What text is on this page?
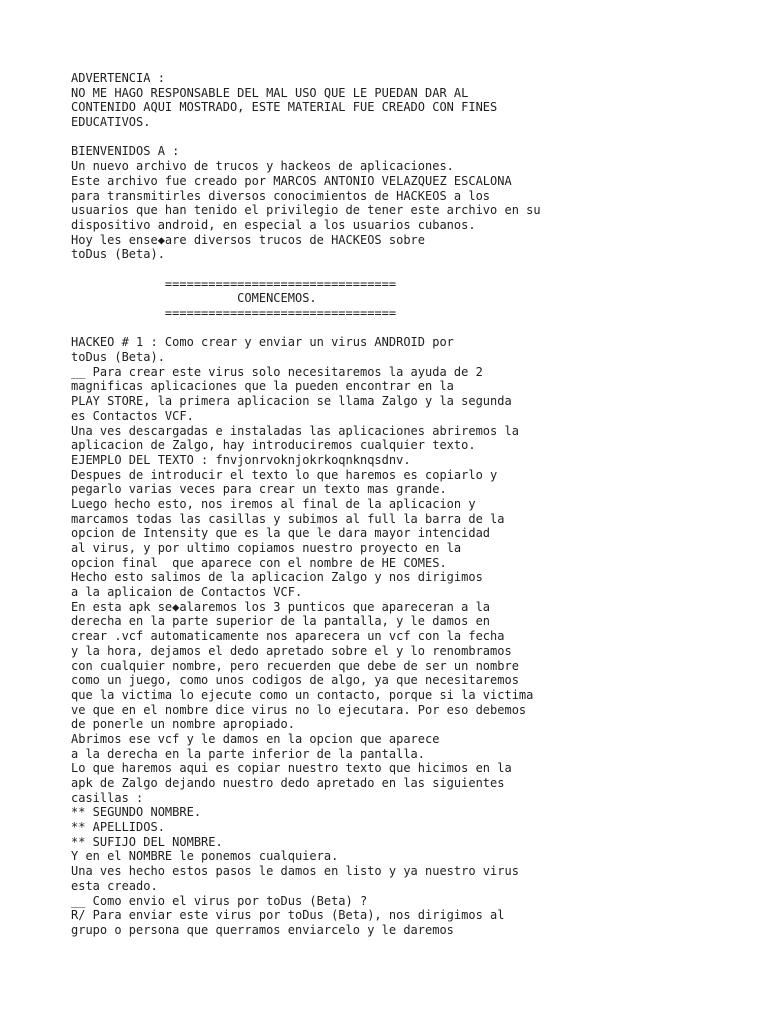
ADVERTENCIA :
NO ME HAGO RESPONSABLE DEL MAL USO QUE LE PUEDAN DAR AL
CONTENIDO AQUI MOSTRADO, ESTE MATERIAL FUE CREADO CON FINES
EDUCATIVOS.
BIENVENIDOS A :
Un nuevo archivo de trucos y hackeos de aplicaciones.
Este archivo fue creado por MARCOS ANTONIO VELAZQUEZ ESCALONA
para transmitirles diversos conocimientos de HACKEOS a los
usuarios que han tenido el privilegio de tener este archivo en su
dispositivo android, en especial a los usuarios cubanos.
Hoy les ense◆are diversos trucos de HACKEOS sobre
toDus (Beta).
================================
COMENCEMOS.
================================
HACKEO # 1 : Como crear y enviar un virus ANDROID por
toDus (Beta).
__ Para crear este virus solo necesitaremos la ayuda de 2
magnificas aplicaciones que la pueden encontrar en la
PLAY STORE, la primera aplicacion se llama Zalgo y la segunda
es Contactos VCF.
Una ves descargadas e instaladas las aplicaciones abriremos la
aplicacion de Zalgo, hay introduciremos cualquier texto.
EJEMPLO DEL TEXTO : fnvjonrvoknjokrkoqnknqsdnv.
Despues de introducir el texto lo que haremos es copiarlo y
pegarlo varias veces para crear un texto mas grande.
Luego hecho esto, nos iremos al final de la aplicacion y
marcamos todas las casillas y subimos al full la barra de la
opcion de Intensity que es la que le dara mayor intencidad
al virus, y por ultimo copiamos nuestro proyecto en la
opcion final  que aparece con el nombre de HE COMES.
Hecho esto salimos de la aplicacion Zalgo y nos dirigimos
a la aplicaion de Contactos VCF.
En esta apk se◆alaremos los 3 punticos que apareceran a la
derecha en la parte superior de la pantalla, y le damos en
crear .vcf automaticamente nos aparecera un vcf con la fecha
y la hora, dejamos el dedo apretado sobre el y lo renombramos
con cualquier nombre, pero recuerden que debe de ser un nombre
como un juego, como unos codigos de algo, ya que necesitaremos
que la victima lo ejecute como un contacto, porque si la victima
ve que en el nombre dice virus no lo ejecutara. Por eso debemos
de ponerle un nombre apropiado.
Abrimos ese vcf y le damos en la opcion que aparece
a la derecha en la parte inferior de la pantalla.
Lo que haremos aqui es copiar nuestro texto que hicimos en la
apk de Zalgo dejando nuestro dedo apretado en las siguientes
casillas :
** SEGUNDO NOMBRE.
** APELLIDOS.
** SUFIJO DEL NOMBRE.
Y en el NOMBRE le ponemos cualquiera.
Una ves hecho estos pasos le damos en listo y ya nuestro virus
esta creado.
__ Como envio el virus por toDus (Beta) ?
R/ Para enviar este virus por toDus (Beta), nos dirigimos al
grupo o persona que querramos enviarcelo y le daremos
